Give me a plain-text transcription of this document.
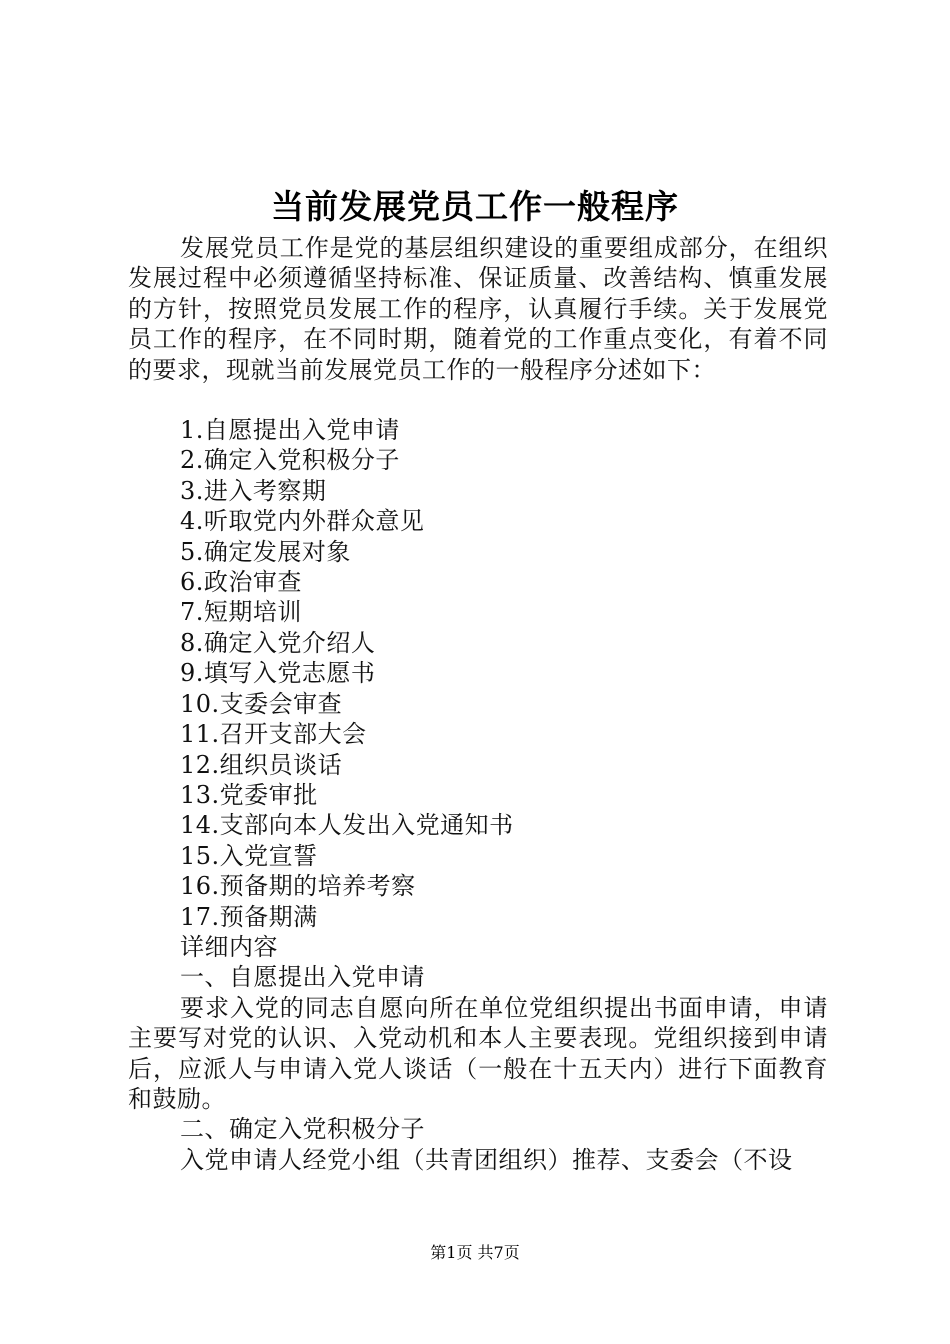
当前发展党员工作一般程序

发展党员工作是党的基层组织建设的重要组成部分，在组织发展过程中必须遵循坚持标准、保证质量、改善结构、慎重发展的方针，按照党员发展工作的程序，认真履行手续。关于发展党员工作的程序，在不同时期，随着党的工作重点变化，有着不同的要求，现就当前发展党员工作的一般程序分述如下：

1.自愿提出入党申请
2.确定入党积极分子
3.进入考察期
4.听取党内外群众意见
5.确定发展对象
6.政治审查
7.短期培训
8.确定入党介绍人
9.填写入党志愿书
10.支委会审查
11.召开支部大会
12.组织员谈话
13.党委审批
14.支部向本人发出入党通知书
15.入党宣誓
16.预备期的培养考察
17.预备期满

详细内容

一、自愿提出入党申请

要求入党的同志自愿向所在单位党组织提出书面申请，申请主要写对党的认识、入党动机和本人主要表现。党组织接到申请后，应派人与申请入党人谈话（一般在十五天内）进行下面教育和鼓励。

二、确定入党积极分子

入党申请人经党小组（共青团组织）推荐、支委会（不设

第1页 共7页
